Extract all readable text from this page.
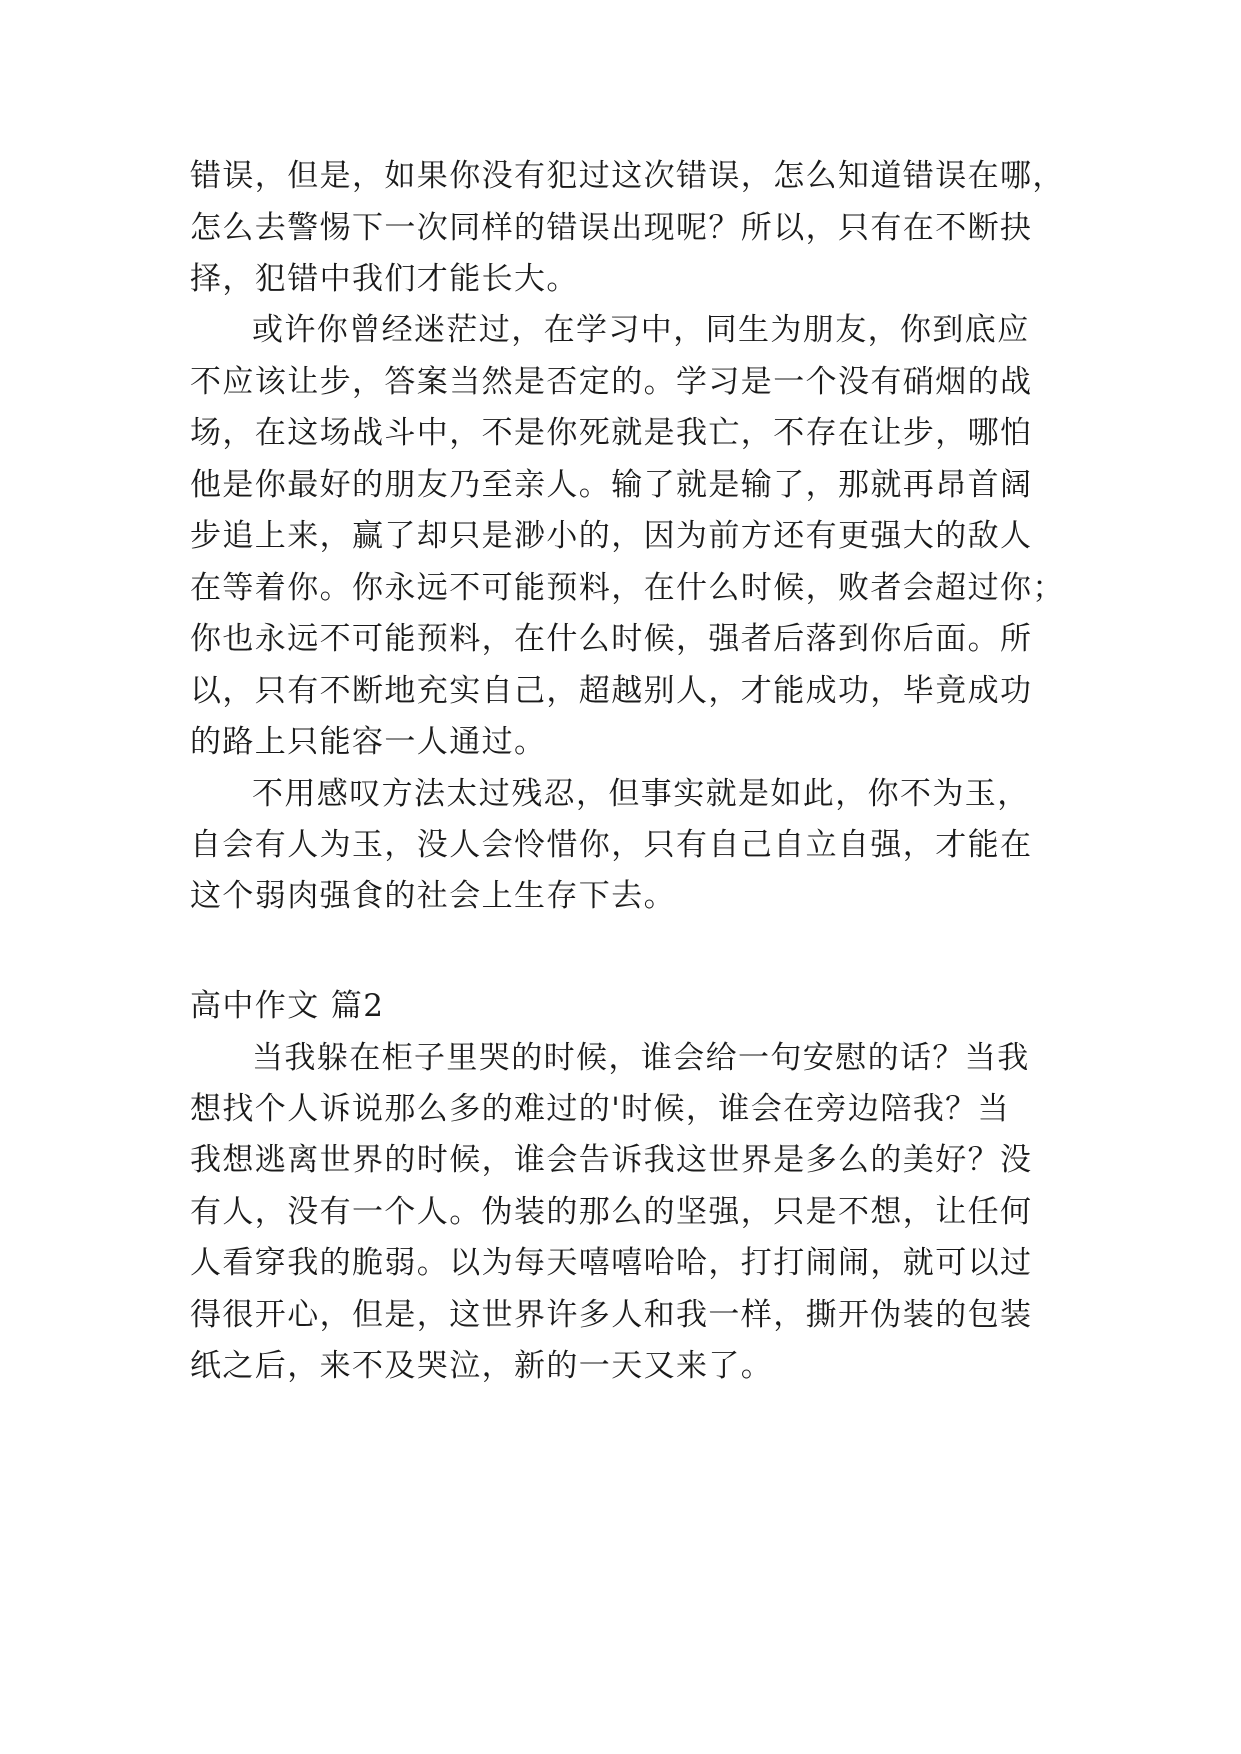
错误，但是，如果你没有犯过这次错误，怎么知道错误在哪，
怎么去警惕下一次同样的错误出现呢？所以，只有在不断抉
择，犯错中我们才能长大。
或许你曾经迷茫过，在学习中，同生为朋友，你到底应
不应该让步，答案当然是否定的。学习是一个没有硝烟的战
场，在这场战斗中，不是你死就是我亡，不存在让步，哪怕
他是你最好的朋友乃至亲人。输了就是输了，那就再昂首阔
步追上来，赢了却只是渺小的，因为前方还有更强大的敌人
在等着你。你永远不可能预料，在什么时候，败者会超过你；
你也永远不可能预料，在什么时候，强者后落到你后面。所
以，只有不断地充实自己，超越别人，才能成功，毕竟成功
的路上只能容一人通过。
不用感叹方法太过残忍，但事实就是如此，你不为玉，
自会有人为玉，没人会怜惜你，只有自己自立自强，才能在
这个弱肉强食的社会上生存下去。
高中作文 篇2
当我躲在柜子里哭的时候，谁会给一句安慰的话？当我
想找个人诉说那么多的难过的'时候，谁会在旁边陪我？当
我想逃离世界的时候，谁会告诉我这世界是多么的美好？没
有人，没有一个人。伪装的那么的坚强，只是不想，让任何
人看穿我的脆弱。以为每天嘻嘻哈哈，打打闹闹，就可以过
得很开心，但是，这世界许多人和我一样，撕开伪装的包装
纸之后，来不及哭泣，新的一天又来了。
